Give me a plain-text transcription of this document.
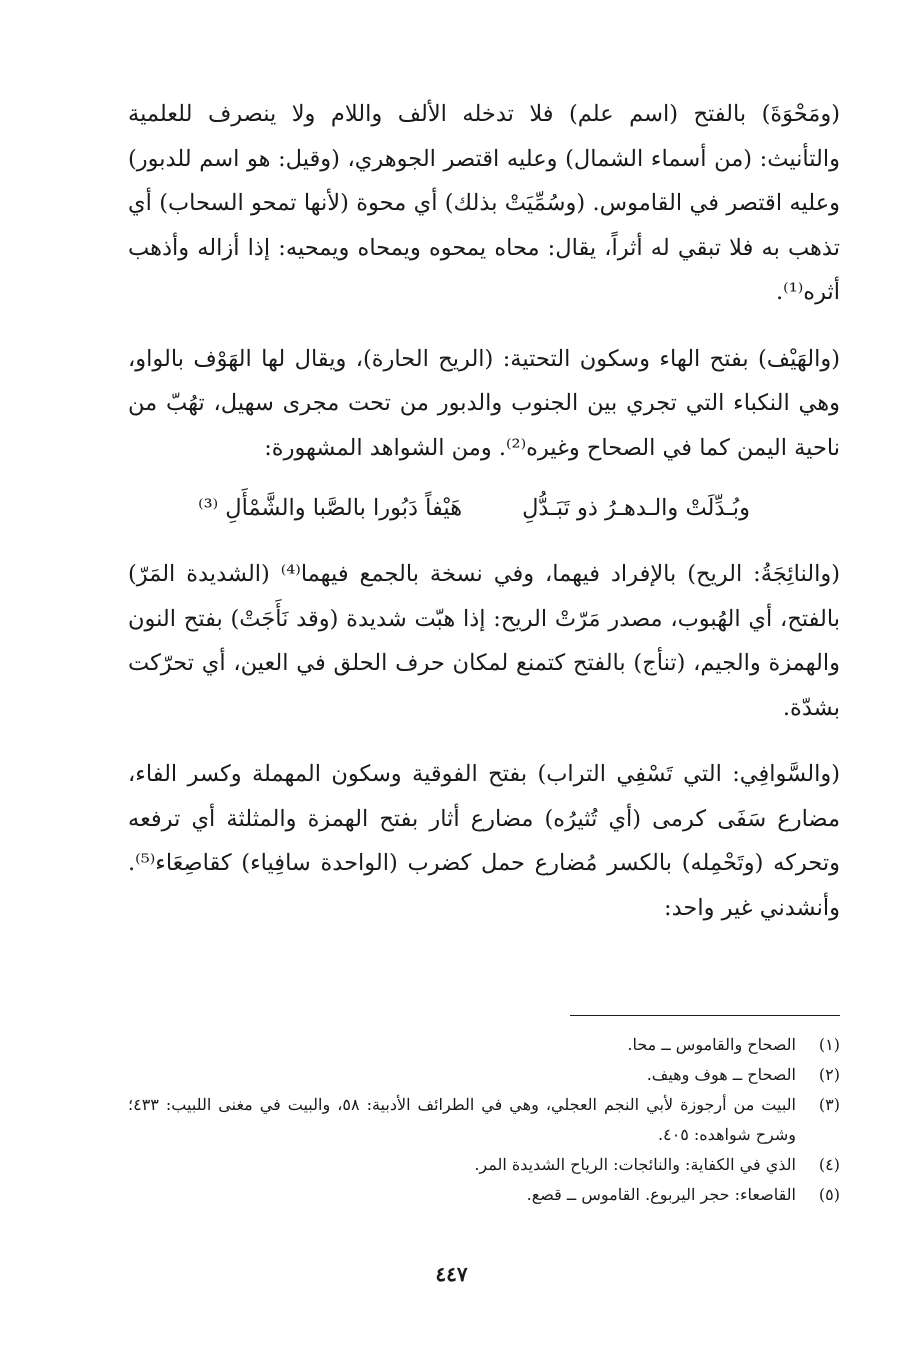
(ومَحْوَةَ) بالفتح (اسم علم) فلا تدخله الألف واللام ولا ينصرف للعلمية والتأنيث: (من أسماء الشمال) وعليه اقتصر الجوهري، (وقيل: هو اسم للدبور) وعليه اقتصر في القاموس. (وسُمِّيَتْ بذلك) أي محوة (لأنها تمحو السحاب) أي تذهب به فلا تبقي له أثراً، يقال: محاه يمحوه ويمحاه ويمحيه: إذا أزاله وأذهب أثره⁽¹⁾.

(والهَيْف) بفتح الهاء وسكون التحتية: (الريح الحارة)، ويقال لها الهَوْف بالواو، وهي النكباء التي تجري بين الجنوب والدبور من تحت مجرى سهيل، تهُبّ من ناحية اليمن كما في الصحاح وغيره⁽²⁾. ومن الشواهد المشهورة:

وبُـدِّلَتْ والـدهـرُ ذو تَبَـدُّلِ
هَيْفاً دَبُورا بالصَّبا والشَّمْأَلِ ⁽³⁾

(والنائِجَةُ: الريح) بالإفراد فيهما، وفي نسخة بالجمع فيهما⁽⁴⁾ (الشديدة المَرّ) بالفتح، أي الهُبوب، مصدر مَرّتْ الريح: إذا هبّت شديدة (وقد نَأَجَتْ) بفتح النون والهمزة والجيم، (تنأج) بالفتح كتمنع لمكان حرف الحلق في العين، أي تحرّكت بشدّة.

(والسَّوافِي: التي تَسْفِي التراب) بفتح الفوقية وسكون المهملة وكسر الفاء، مضارع سَفَى كرمى (أي تُثيرُه) مضارع أثار بفتح الهمزة والمثلثة أي ترفعه وتحركه (وتَحْمِله) بالكسر مُضارع حمل كضرب (الواحدة سافِياء) كقاصِعَاء⁽⁵⁾. وأنشدني غير واحد:

(١)
الصحاح والقاموس ــ محا.
(٢)
الصحاح ــ هوف وهيف.
(٣)
البيت من أرجوزة لأبي النجم العجلي، وهي في الطرائف الأدبية: ٥٨، والبيت في مغنى اللبيب: ٤٣٣؛ وشرح شواهده: ٤٠٥.
(٤)
الذي في الكفاية: والنائجات: الرياح الشديدة المر.
(٥)
القاصعاء: حجر اليربوع. القاموس ــ قصع.
٤٤٧
